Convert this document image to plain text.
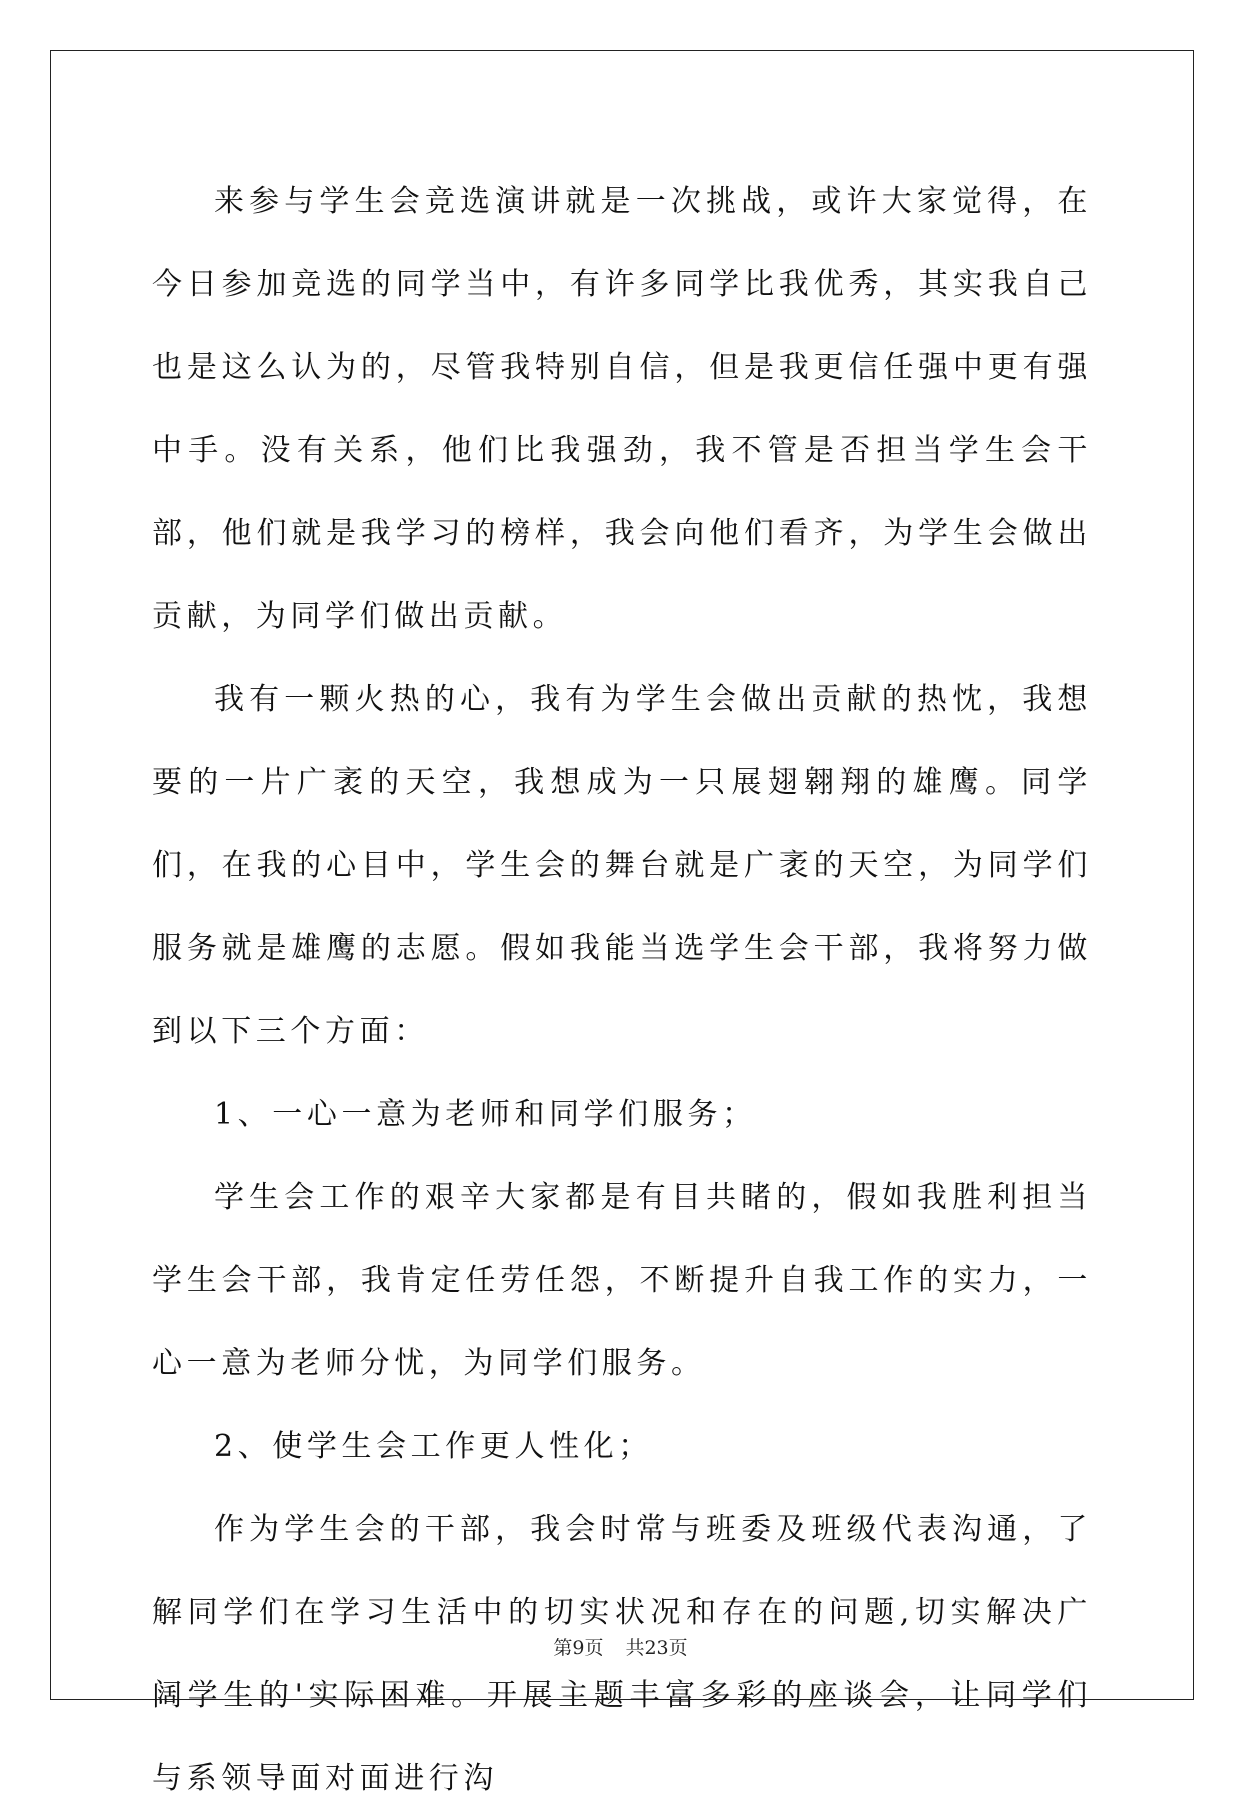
来参与学生会竞选演讲就是一次挑战，或许大家觉得，在今日参加竞选的同学当中，有许多同学比我优秀，其实我自己也是这么认为的，尽管我特别自信，但是我更信任强中更有强中手。没有关系，他们比我强劲，我不管是否担当学生会干部，他们就是我学习的榜样，我会向他们看齐，为学生会做出贡献，为同学们做出贡献。

我有一颗火热的心，我有为学生会做出贡献的热忱，我想要的一片广袤的天空，我想成为一只展翅翱翔的雄鹰。同学们，在我的心目中，学生会的舞台就是广袤的天空，为同学们服务就是雄鹰的志愿。假如我能当选学生会干部，我将努力做到以下三个方面：

1、一心一意为老师和同学们服务；

学生会工作的艰辛大家都是有目共睹的，假如我胜利担当学生会干部，我肯定任劳任怨，不断提升自我工作的实力，一心一意为老师分忧，为同学们服务。

2、使学生会工作更人性化；

作为学生会的干部，我会时常与班委及班级代表沟通，了解同学们在学习生活中的切实状况和存在的问题,切实解决广阔学生的'实际困难。开展主题丰富多彩的座谈会，让同学们与系领导面对面进行沟

第9页 共23页
